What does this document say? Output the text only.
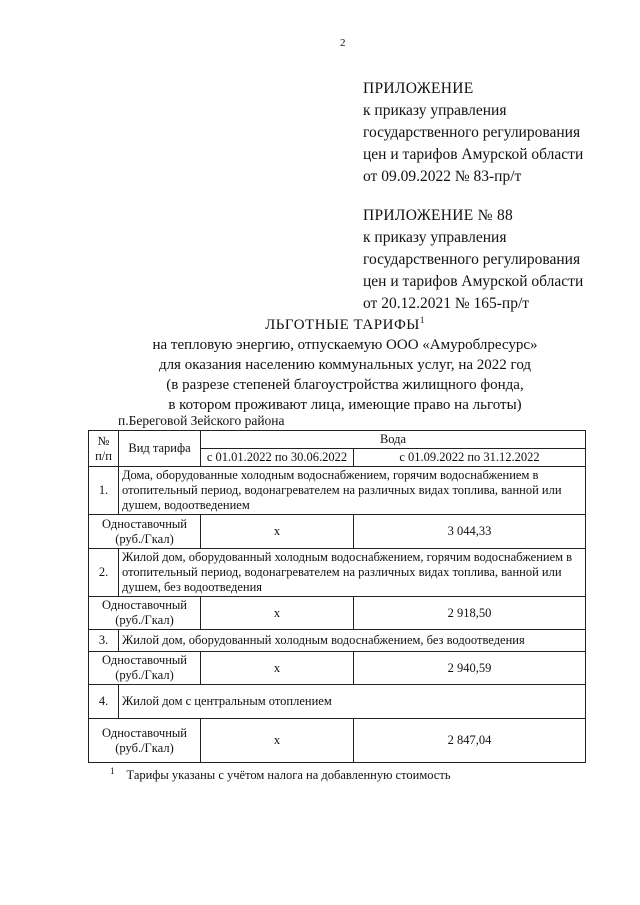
2
ПРИЛОЖЕНИЕ
к приказу управления
государственного регулирования
цен и тарифов Амурской области
от 09.09.2022 № 83-пр/т
ПРИЛОЖЕНИЕ № 88
к приказу управления
государственного регулирования
цен и тарифов Амурской области
от 20.12.2021 № 165-пр/т
ЛЬГОТНЫЕ ТАРИФЫ$^1$
на тепловую энергию, отпускаемую ООО «Амуроблресурс»
для оказания населению коммунальных услуг, на 2022 год
(в разрезе степеней благоустройства жилищного фонда,
в котором проживают лица, имеющие право на льготы)
п.Береговой Зейского района
№ п/п	Вид тарифа	Вода	
		с 01.01.2022 по 30.06.2022	с 01.09.2022 по 31.12.2022
1.	Дома, оборудованные холодным водоснабжением, горячим водоснабжением в отопительный период, водонагревателем на различных видах топлива, ванной или душем, водоотведением		
Одноставочный (руб./Гкал)		х	3 044,33
2.	Жилой дом, оборудованный холодным водоснабжением, горячим водоснабжением в отопительный период, водонагревателем на различных видах топлива, ванной или душем, без водоотведения		
Одноставочный (руб./Гкал)		х	2 918,50
3.	Жилой дом, оборудованный холодным водоснабжением, без водоотведения		
Одноставочный (руб./Гкал)		х	2 940,59
4.	Жилой дом с центральным отоплением		
Одноставочный (руб./Гкал)		х	2 847,04
$^1$ Тарифы указаны с учётом налога на добавленную стоимость
